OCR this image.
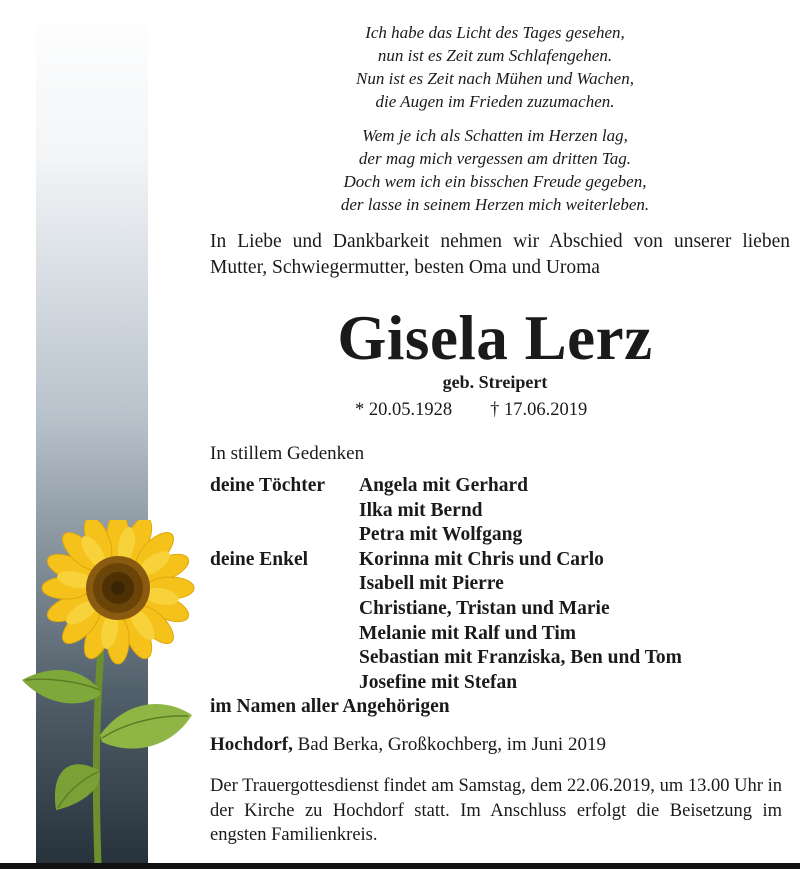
Ich habe das Licht des Tages gesehen,
nun ist es Zeit zum Schlafengehen.
Nun ist es Zeit nach Mühen und Wachen,
die Augen im Frieden zuzumachen.
Wem je ich als Schatten im Herzen lag,
der mag mich vergessen am dritten Tag.
Doch wem ich ein bisschen Freude gegeben,
der lasse in seinem Herzen mich weiterleben.
In Liebe und Dankbarkeit nehmen wir Abschied von unserer lieben Mutter, Schwiegermutter, besten Oma und Uroma
Gisela Lerz
geb. Streipert
* 20.05.1928 † 17.06.2019
In stillem Gedenken
deine Töchter Angela mit Gerhard
Ilka mit Bernd
Petra mit Wolfgang
deine Enkel	Korinna mit Chris und Carlo
Isabell mit Pierre
Christiane, Tristan und Marie
Melanie mit Ralf und Tim
Sebastian mit Franziska, Ben und Tom
Josefine mit Stefan
im Namen aller Angehörigen
Hochdorf, Bad Berka, Großkochberg, im Juni 2019
Der Trauergottesdienst findet am Samstag, dem 22.06.2019, um 13.00 Uhr in der Kirche zu Hochdorf statt. Im Anschluss erfolgt die Beisetzung im engsten Familienkreis.
